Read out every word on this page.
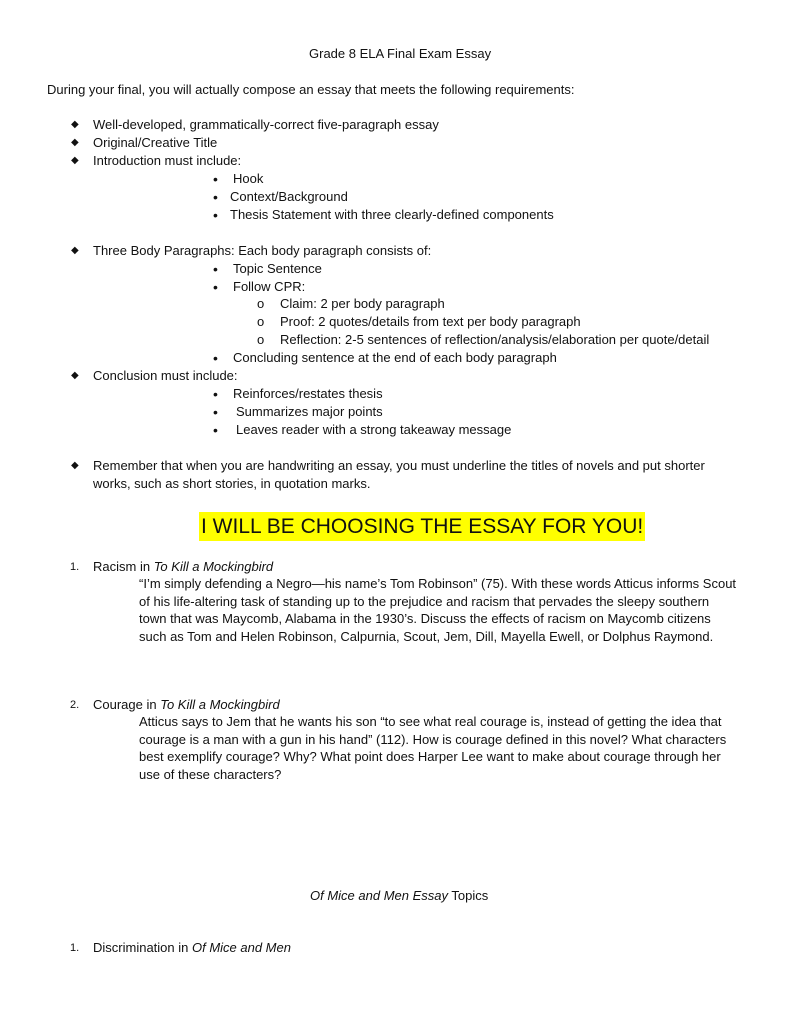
Grade 8 ELA Final Exam Essay
During your final, you will actually compose an essay that meets the following requirements:
◆ Well-developed, grammatically-correct five-paragraph essay
◆ Original/Creative Title
◆ Introduction must include:
• Hook
• Context/Background
• Thesis Statement with three clearly-defined components
◆ Three Body Paragraphs: Each body paragraph consists of:
• Topic Sentence
• Follow CPR:
o Claim: 2 per body paragraph
o Proof: 2 quotes/details from text per body paragraph
o Reflection: 2-5 sentences of reflection/analysis/elaboration per quote/detail
• Concluding sentence at the end of each body paragraph
◆ Conclusion must include:
• Reinforces/restates thesis
• Summarizes major points
• Leaves reader with a strong takeaway message
◆ Remember that when you are handwriting an essay, you must underline the titles of novels and put shorter works, such as short stories, in quotation marks.
I WILL BE CHOOSING THE ESSAY FOR YOU!
1. Racism in To Kill a Mockingbird
“I’m simply defending a Negro—his name’s Tom Robinson” (75). With these words Atticus informs Scout of his life-altering task of standing up to the prejudice and racism that pervades the sleepy southern town that was Maycomb, Alabama in the 1930’s. Discuss the effects of racism on Maycomb citizens such as Tom and Helen Robinson, Calpurnia, Scout, Jem, Dill, Mayella Ewell, or Dolphus Raymond.
2. Courage in To Kill a Mockingbird
Atticus says to Jem that he wants his son “to see what real courage is, instead of getting the idea that courage is a man with a gun in his hand” (112). How is courage defined in this novel? What characters best exemplify courage? Why? What point does Harper Lee want to make about courage through her use of these characters?
Of Mice and Men Essay Topics
1. Discrimination in Of Mice and Men
